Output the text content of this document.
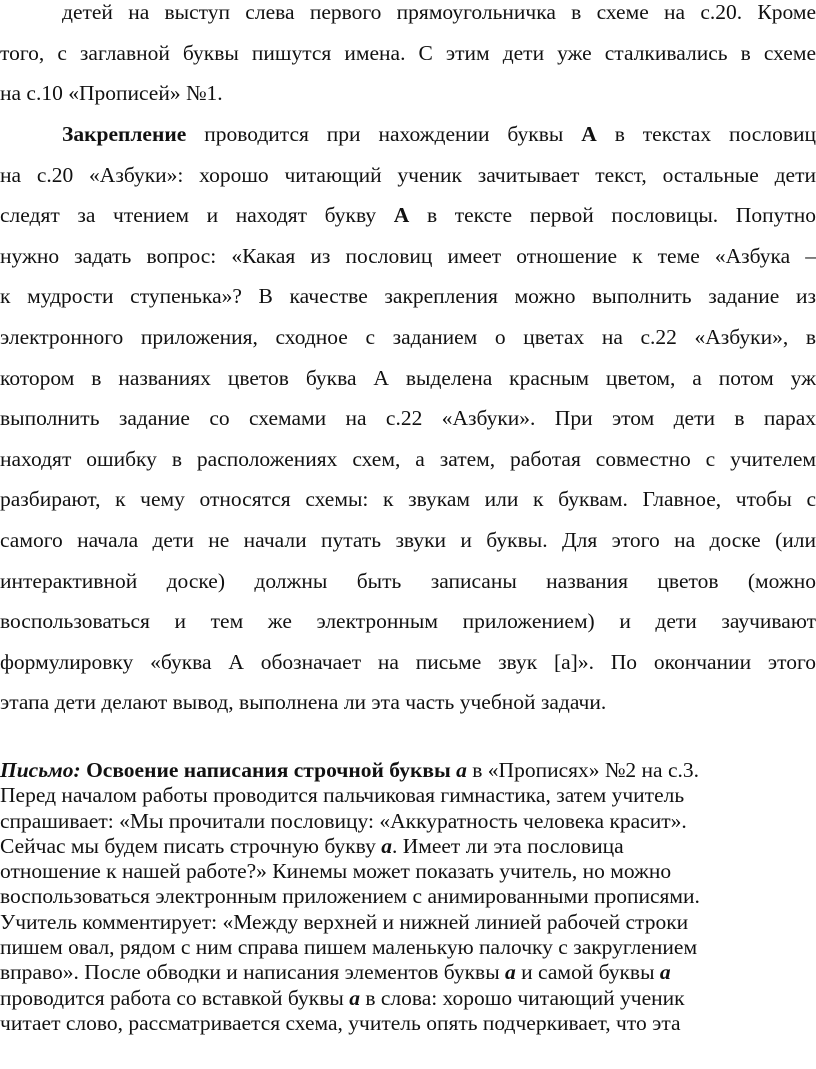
детей на выступ слева первого прямоугольничка в схеме на с.20. Кроме
того, с заглавной буквы пишутся имена. С этим дети уже сталкивались в схеме
на с.10 «Прописей» №1.
Закрепление проводится при нахождении буквы А в текстах пословиц
на с.20 «Азбуки»: хорошо читающий ученик зачитывает текст, остальные дети
следят за чтением и находят букву А в тексте первой пословицы. Попутно
нужно задать вопрос: «Какая из пословиц имеет отношение к теме «Азбука –
к мудрости ступенька»? В качестве закрепления можно выполнить задание из
электронного приложения, сходное с заданием о цветах на с.22 «Азбуки», в
котором в названиях цветов буква А выделена красным цветом, а потом уж
выполнить задание со схемами на с.22 «Азбуки». При этом дети в парах
находят ошибку в расположениях схем, а затем, работая совместно с учителем
разбирают, к чему относятся схемы: к звукам или к буквам. Главное, чтобы с
самого начала дети не начали путать звуки и буквы. Для этого на доске (или
интерактивной доске) должны быть записаны названия цветов (можно
воспользоваться и тем же электронным приложением) и дети заучивают
формулировку «буква А обозначает на письме звук [а]». По окончании этого
этапа дети делают вывод, выполнена ли эта часть учебной задачи.
Письмо: Освоение написания строчной буквы а в «Прописях» №2 на с.3.
Перед началом работы проводится пальчиковая гимнастика, затем учитель
спрашивает: «Мы прочитали пословицу: «Аккуратность человека красит».
Сейчас мы будем писать строчную букву а. Имеет ли эта пословица
отношение к нашей работе?» Кинемы может показать учитель, но можно
воспользоваться электронным приложением с анимированными прописями.
Учитель комментирует: «Между верхней и нижней линией рабочей строки
пишем овал, рядом с ним справа пишем маленькую палочку с закруглением
вправо». После обводки и написания элементов буквы а и самой буквы а
проводится работа со вставкой буквы а в слова: хорошо читающий ученик
читает слово, рассматривается схема, учитель опять подчеркивает, что эта
